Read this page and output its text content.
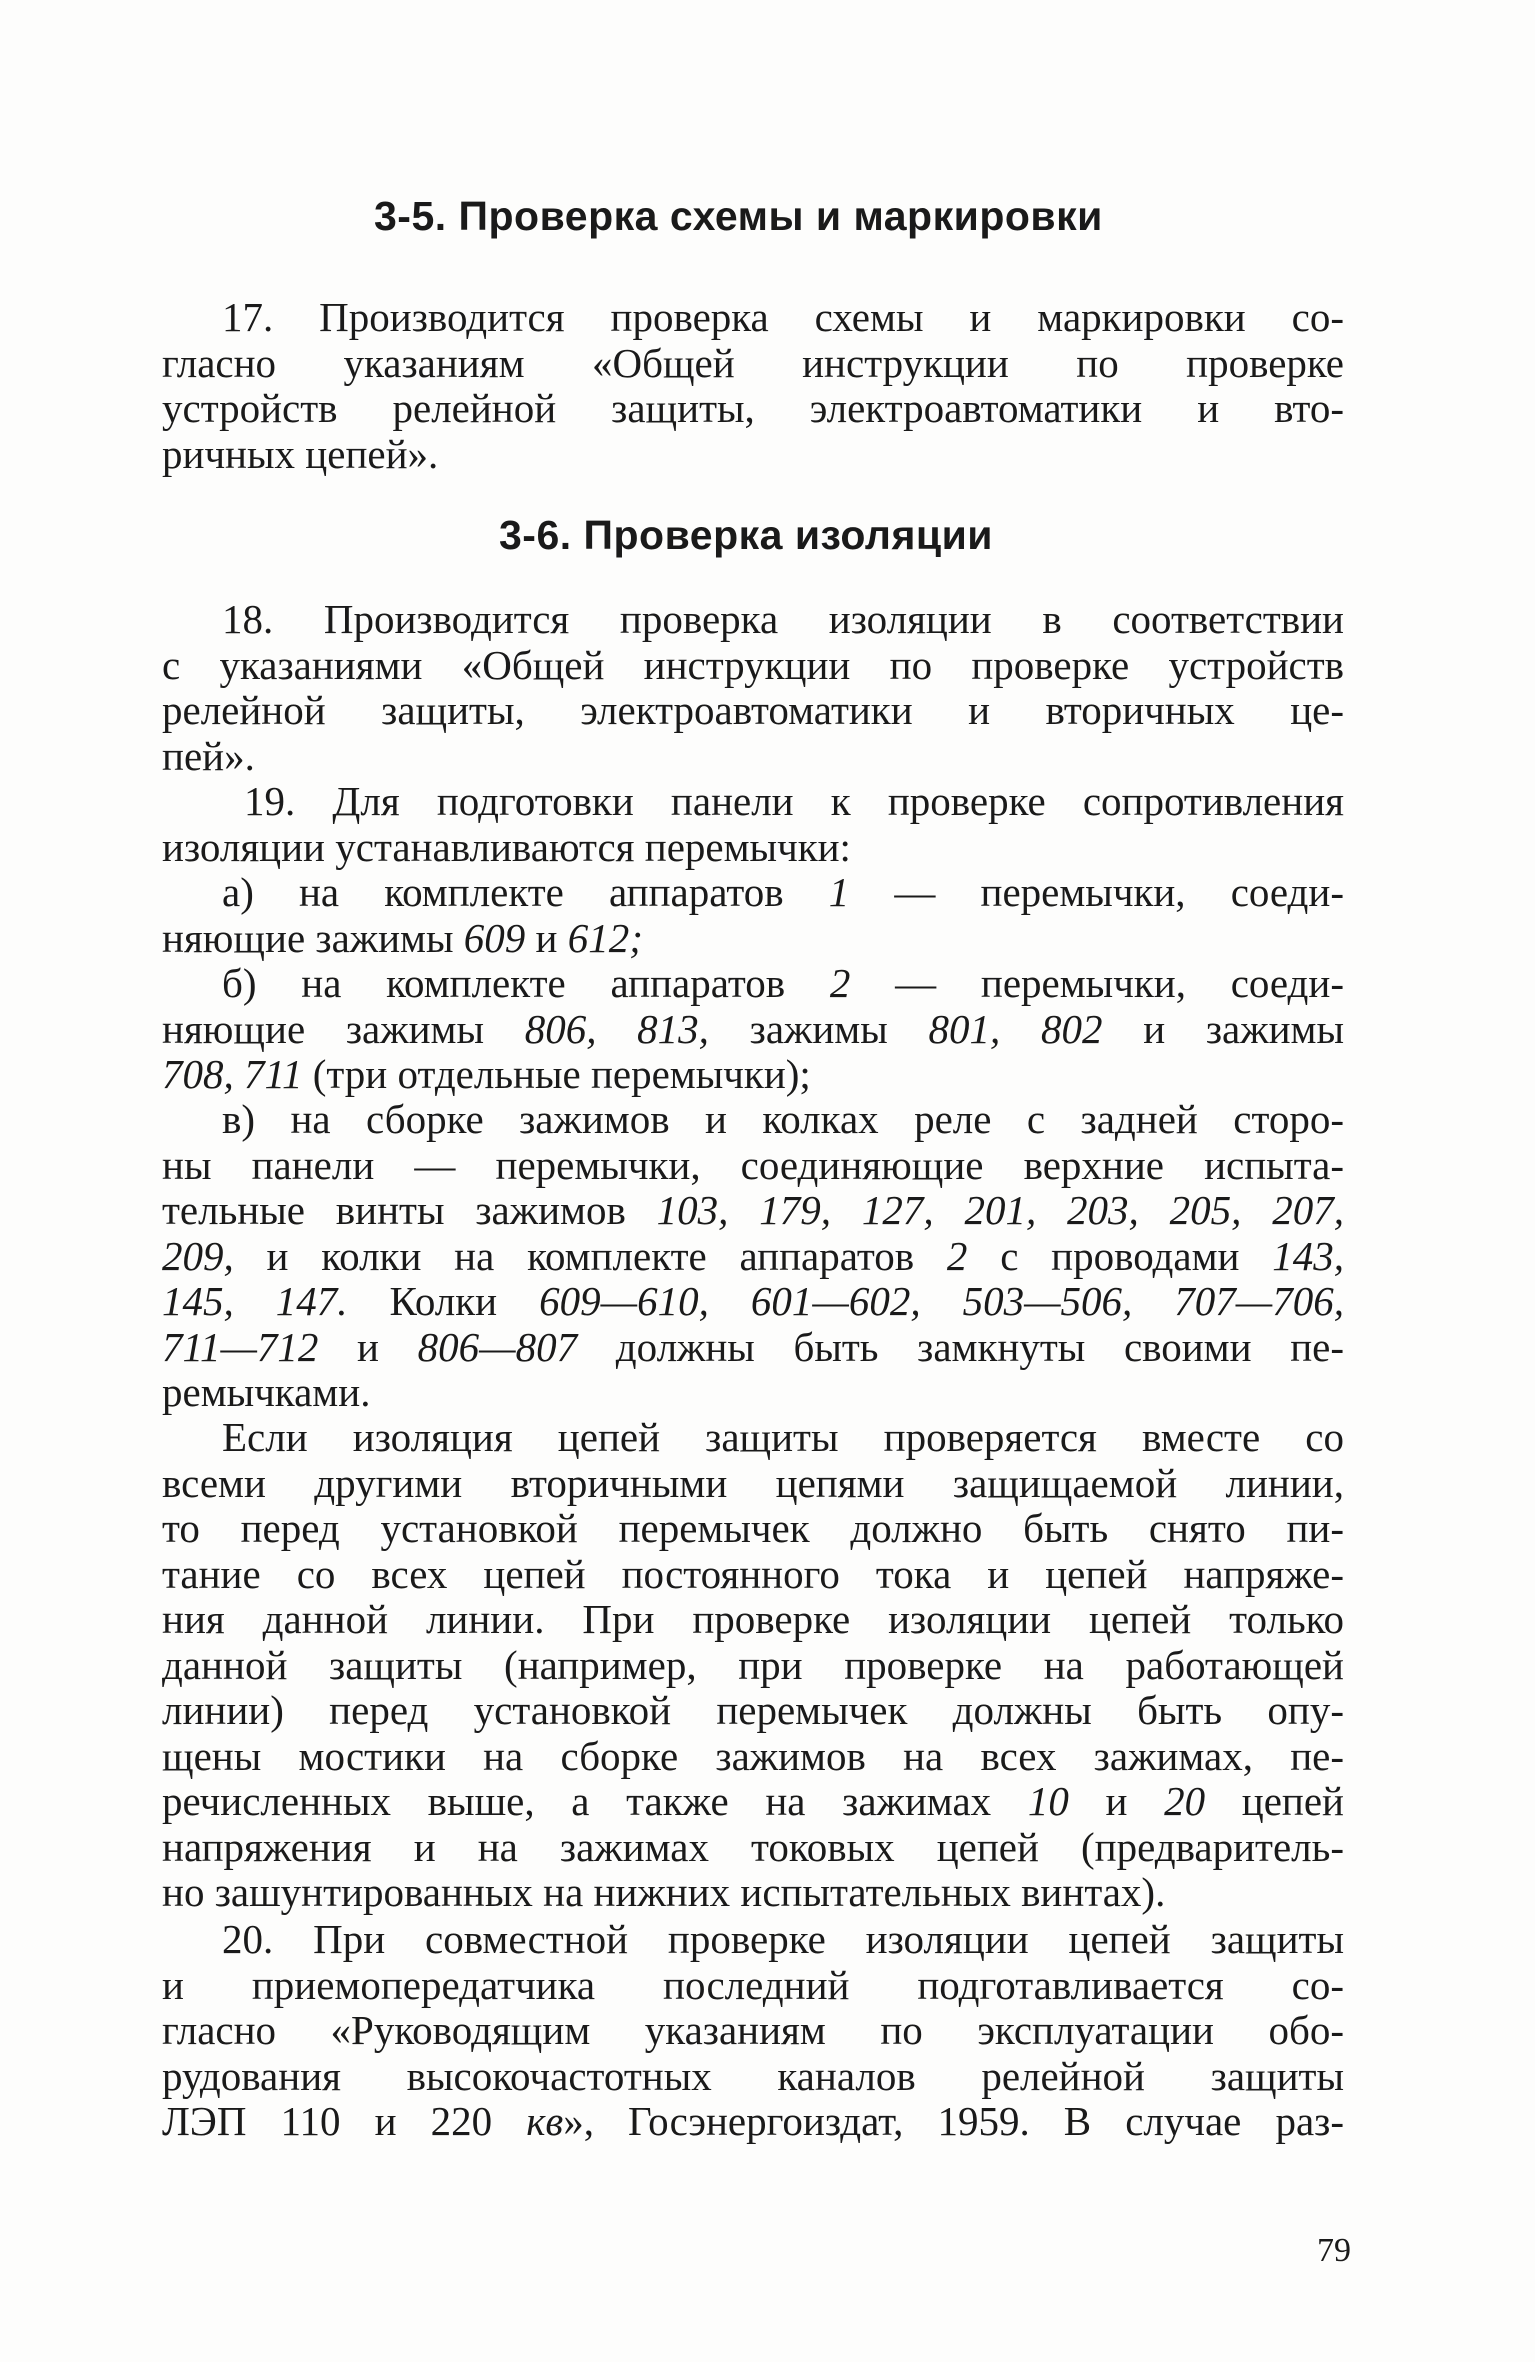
3-5. Проверка схемы и маркировки
17. Производится проверка схемы и маркировки со-
гласно указаниям «Общей инструкции по проверке
устройств релейной защиты, электроавтоматики и вто-
ричных цепей».
3-6. Проверка изоляции
18. Производится проверка изоляции в соответствии
с указаниями «Общей инструкции по проверке устройств
релейной защиты, электроавтоматики и вторичных це-
пей».
19. Для подготовки панели к проверке сопротивления
изоляции устанавливаются перемычки:
а) на комплекте аппаратов 1 — перемычки, соеди-
няющие зажимы 609 и 612;
б) на комплекте аппаратов 2 — перемычки, соеди-
няющие зажимы 806, 813, зажимы 801, 802 и зажимы
708, 711 (три отдельные перемычки);
в) на сборке зажимов и колках реле с задней сторо-
ны панели — перемычки, соединяющие верхние испыта-
тельные винты зажимов 103, 179, 127, 201, 203, 205, 207,
209, и колки на комплекте аппаратов 2 с проводами 143,
145, 147. Колки 609—610, 601—602, 503—506, 707—706,
711—712 и 806—807 должны быть замкнуты своими пе-
ремычками.
Если изоляция цепей защиты проверяется вместе со
всеми другими вторичными цепями защищаемой линии,
то перед установкой перемычек должно быть снято пи-
тание со всех цепей постоянного тока и цепей напряже-
ния данной линии. При проверке изоляции цепей только
данной защиты (например, при проверке на работающей
линии) перед установкой перемычек должны быть опу-
щены мостики на сборке зажимов на всех зажимах, пе-
речисленных выше, а также на зажимах 10 и 20 цепей
напряжения и на зажимах токовых цепей (предваритель-
но зашунтированных на нижних испытательных винтах).
20. При совместной проверке изоляции цепей защиты
и приемопередатчика последний подготавливается со-
гласно «Руководящим указаниям по эксплуатации обо-
рудования высокочастотных каналов релейной защиты
ЛЭП 110 и 220 кв», Госэнергоиздат, 1959. В случае раз-
79
